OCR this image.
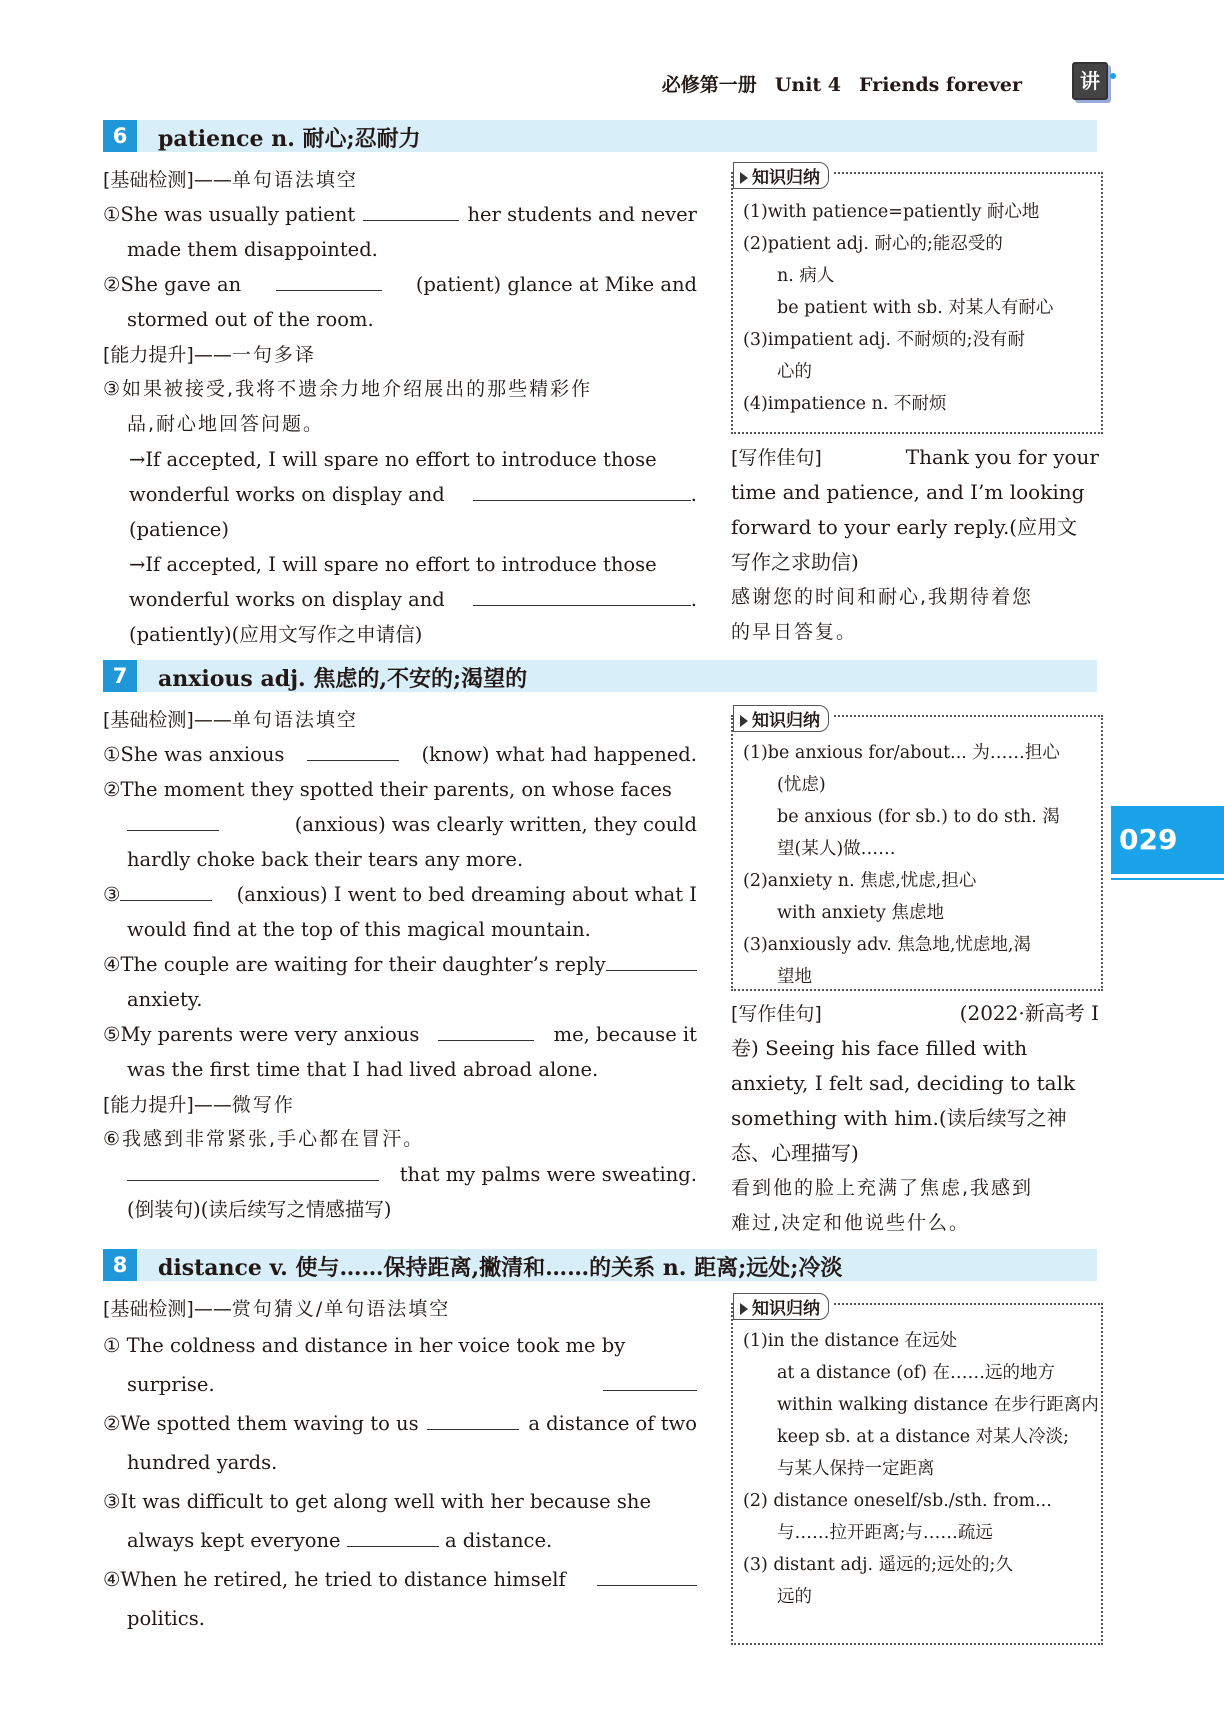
必修第一册 Unit 4 Friends forever	讲
6	patience n. 耐心;忍耐力
[基础检测]——单句语法填空
①She was usually patient	her students and never
made them disappointed.
②She gave an	(patient) glance at Mike and
stormed out of the room.
[能力提升]——一句多译
③如果被接受,我将不遗余力地介绍展出的那些精彩作
品,耐心地回答问题。
→If accepted, I will spare no effort to introduce those
wonderful works on display and	.
(patience)
→If accepted, I will spare no effort to introduce those
wonderful works on display and	.
(patiently)(应用文写作之申请信)
知识归纳
(1)with patience=patiently 耐心地
(2)patient adj. 耐心的;能忍受的
n. 病人
be patient with sb. 对某人有耐心
(3)impatient adj. 不耐烦的;没有耐
心的
(4)impatience n. 不耐烦
[写作佳句]	Thank you for your
time and patience, and I’m looking
forward to your early reply.(应用文
写作之求助信)
感谢您的时间和耐心,我期待着您
的早日答复。
7	anxious adj. 焦虑的,不安的;渴望的
[基础检测]——单句语法填空
①She was anxious	(know) what had happened.
②The moment they spotted their parents, on whose faces
(anxious) was clearly written, they could
hardly choke back their tears any more.
③	(anxious) I went to bed dreaming about what I
would find at the top of this magical mountain.
④The couple are waiting for their daughter’s reply
anxiety.
⑤My parents were very anxious	me, because it
was the first time that I had lived abroad alone.
[能力提升]——微写作
⑥我感到非常紧张,手心都在冒汗。
that my palms were sweating.
(倒装句)(读后续写之情感描写)
知识归纳
(1)be anxious for/about... 为……担心
(忧虑)
be anxious (for sb.) to do sth. 渴
望(某人)做……
(2)anxiety n. 焦虑,忧虑,担心
with anxiety 焦虑地
(3)anxiously adv. 焦急地,忧虑地,渴
望地
[写作佳句]	(2022·新高考 I
卷) Seeing his face filled with
anxiety, I felt sad, deciding to talk
something with him.(读后续写之神
态、心理描写)
看到他的脸上充满了焦虑,我感到
难过,决定和他说些什么。
8	distance v. 使与……保持距离,撇清和……的关系 n. 距离;远处;冷淡
[基础检测]——赏句猜义/单句语法填空
① The coldness and distance in her voice took me by
surprise.
②We spotted them waving to us	a distance of two
hundred yards.
③It was difficult to get along well with her because she
always kept everyone	a distance.
④When he retired, he tried to distance himself
politics.
知识归纳
(1)in the distance 在远处
at a distance (of) 在……远的地方
within walking distance 在步行距离内
keep sb. at a distance 对某人冷淡;
与某人保持一定距离
(2) distance oneself/sb./sth. from...
与……拉开距离;与……疏远
(3) distant adj. 遥远的;远处的;久
远的
029
